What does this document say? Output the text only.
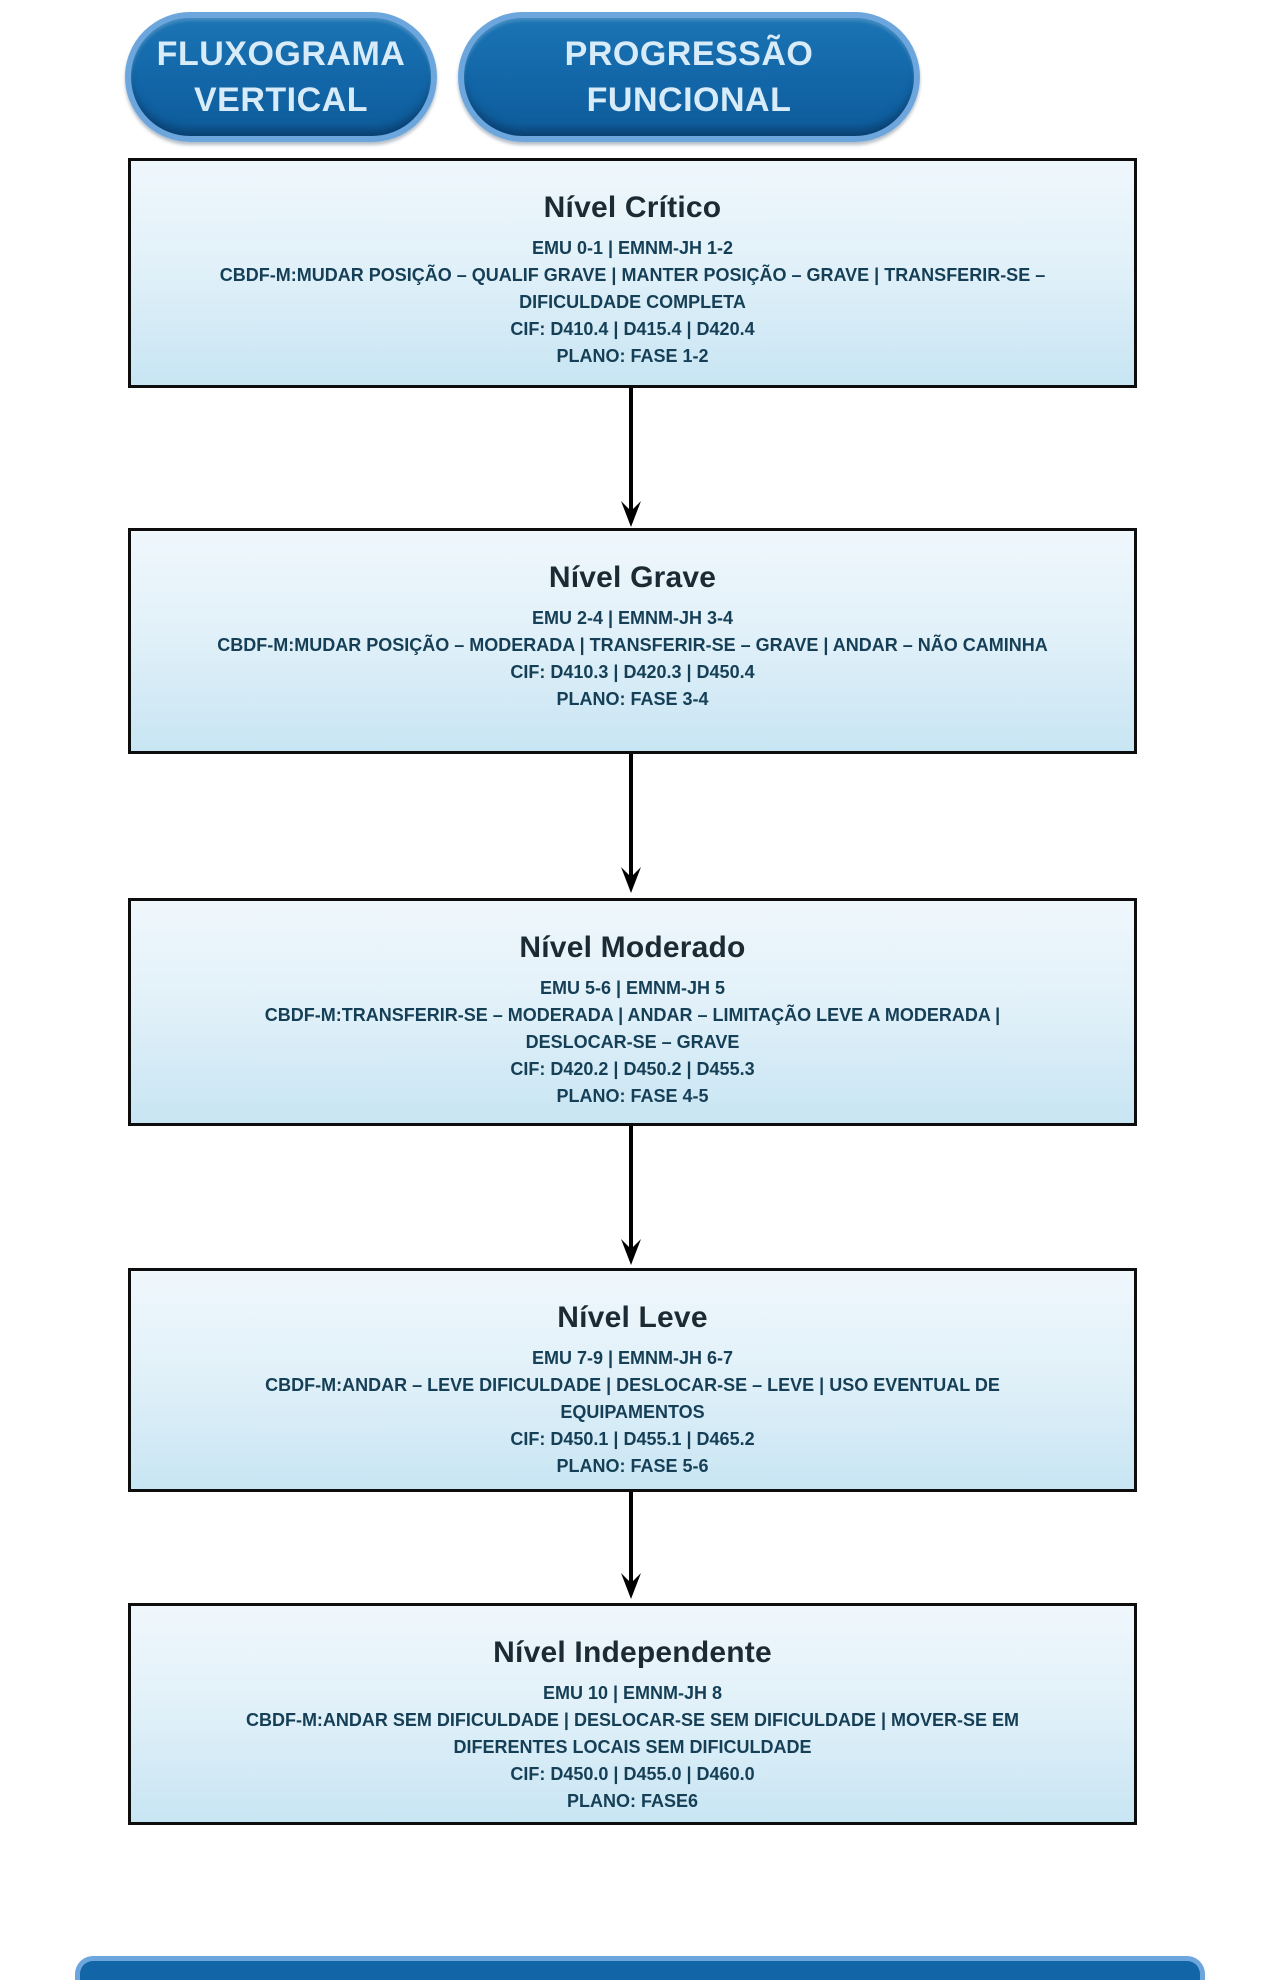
FLUXOGRAMA
VERTICAL
PROGRESSÃO
FUNCIONAL
Nível Crítico
EMU 0-1 | EMNM-JH 1-2
CBDF-M:MUDAR POSIÇÃO – QUALIF GRAVE | MANTER POSIÇÃO – GRAVE | TRANSFERIR-SE –
DIFICULDADE COMPLETA
CIF: D410.4 | D415.4 | D420.4
PLANO: FASE 1-2
Nível Grave
EMU 2-4 | EMNM-JH 3-4
CBDF-M:MUDAR POSIÇÃO – MODERADA | TRANSFERIR-SE – GRAVE | ANDAR – NÃO CAMINHA
CIF: D410.3 | D420.3 | D450.4
PLANO: FASE 3-4
Nível Moderado
EMU 5-6 | EMNM-JH 5
CBDF-M:TRANSFERIR-SE – MODERADA | ANDAR – LIMITAÇÃO LEVE A MODERADA |
DESLOCAR-SE – GRAVE
CIF: D420.2 | D450.2 | D455.3
PLANO: FASE 4-5
Nível Leve
EMU 7-9 | EMNM-JH 6-7
CBDF-M:ANDAR – LEVE DIFICULDADE | DESLOCAR-SE – LEVE | USO EVENTUAL DE
EQUIPAMENTOS
CIF: D450.1 | D455.1 | D465.2
PLANO: FASE 5-6
Nível Independente
EMU 10 | EMNM-JH 8
CBDF-M:ANDAR SEM DIFICULDADE | DESLOCAR-SE SEM DIFICULDADE | MOVER-SE EM
DIFERENTES LOCAIS SEM DIFICULDADE
CIF: D450.0 | D455.0 | D460.0
PLANO: FASE6
